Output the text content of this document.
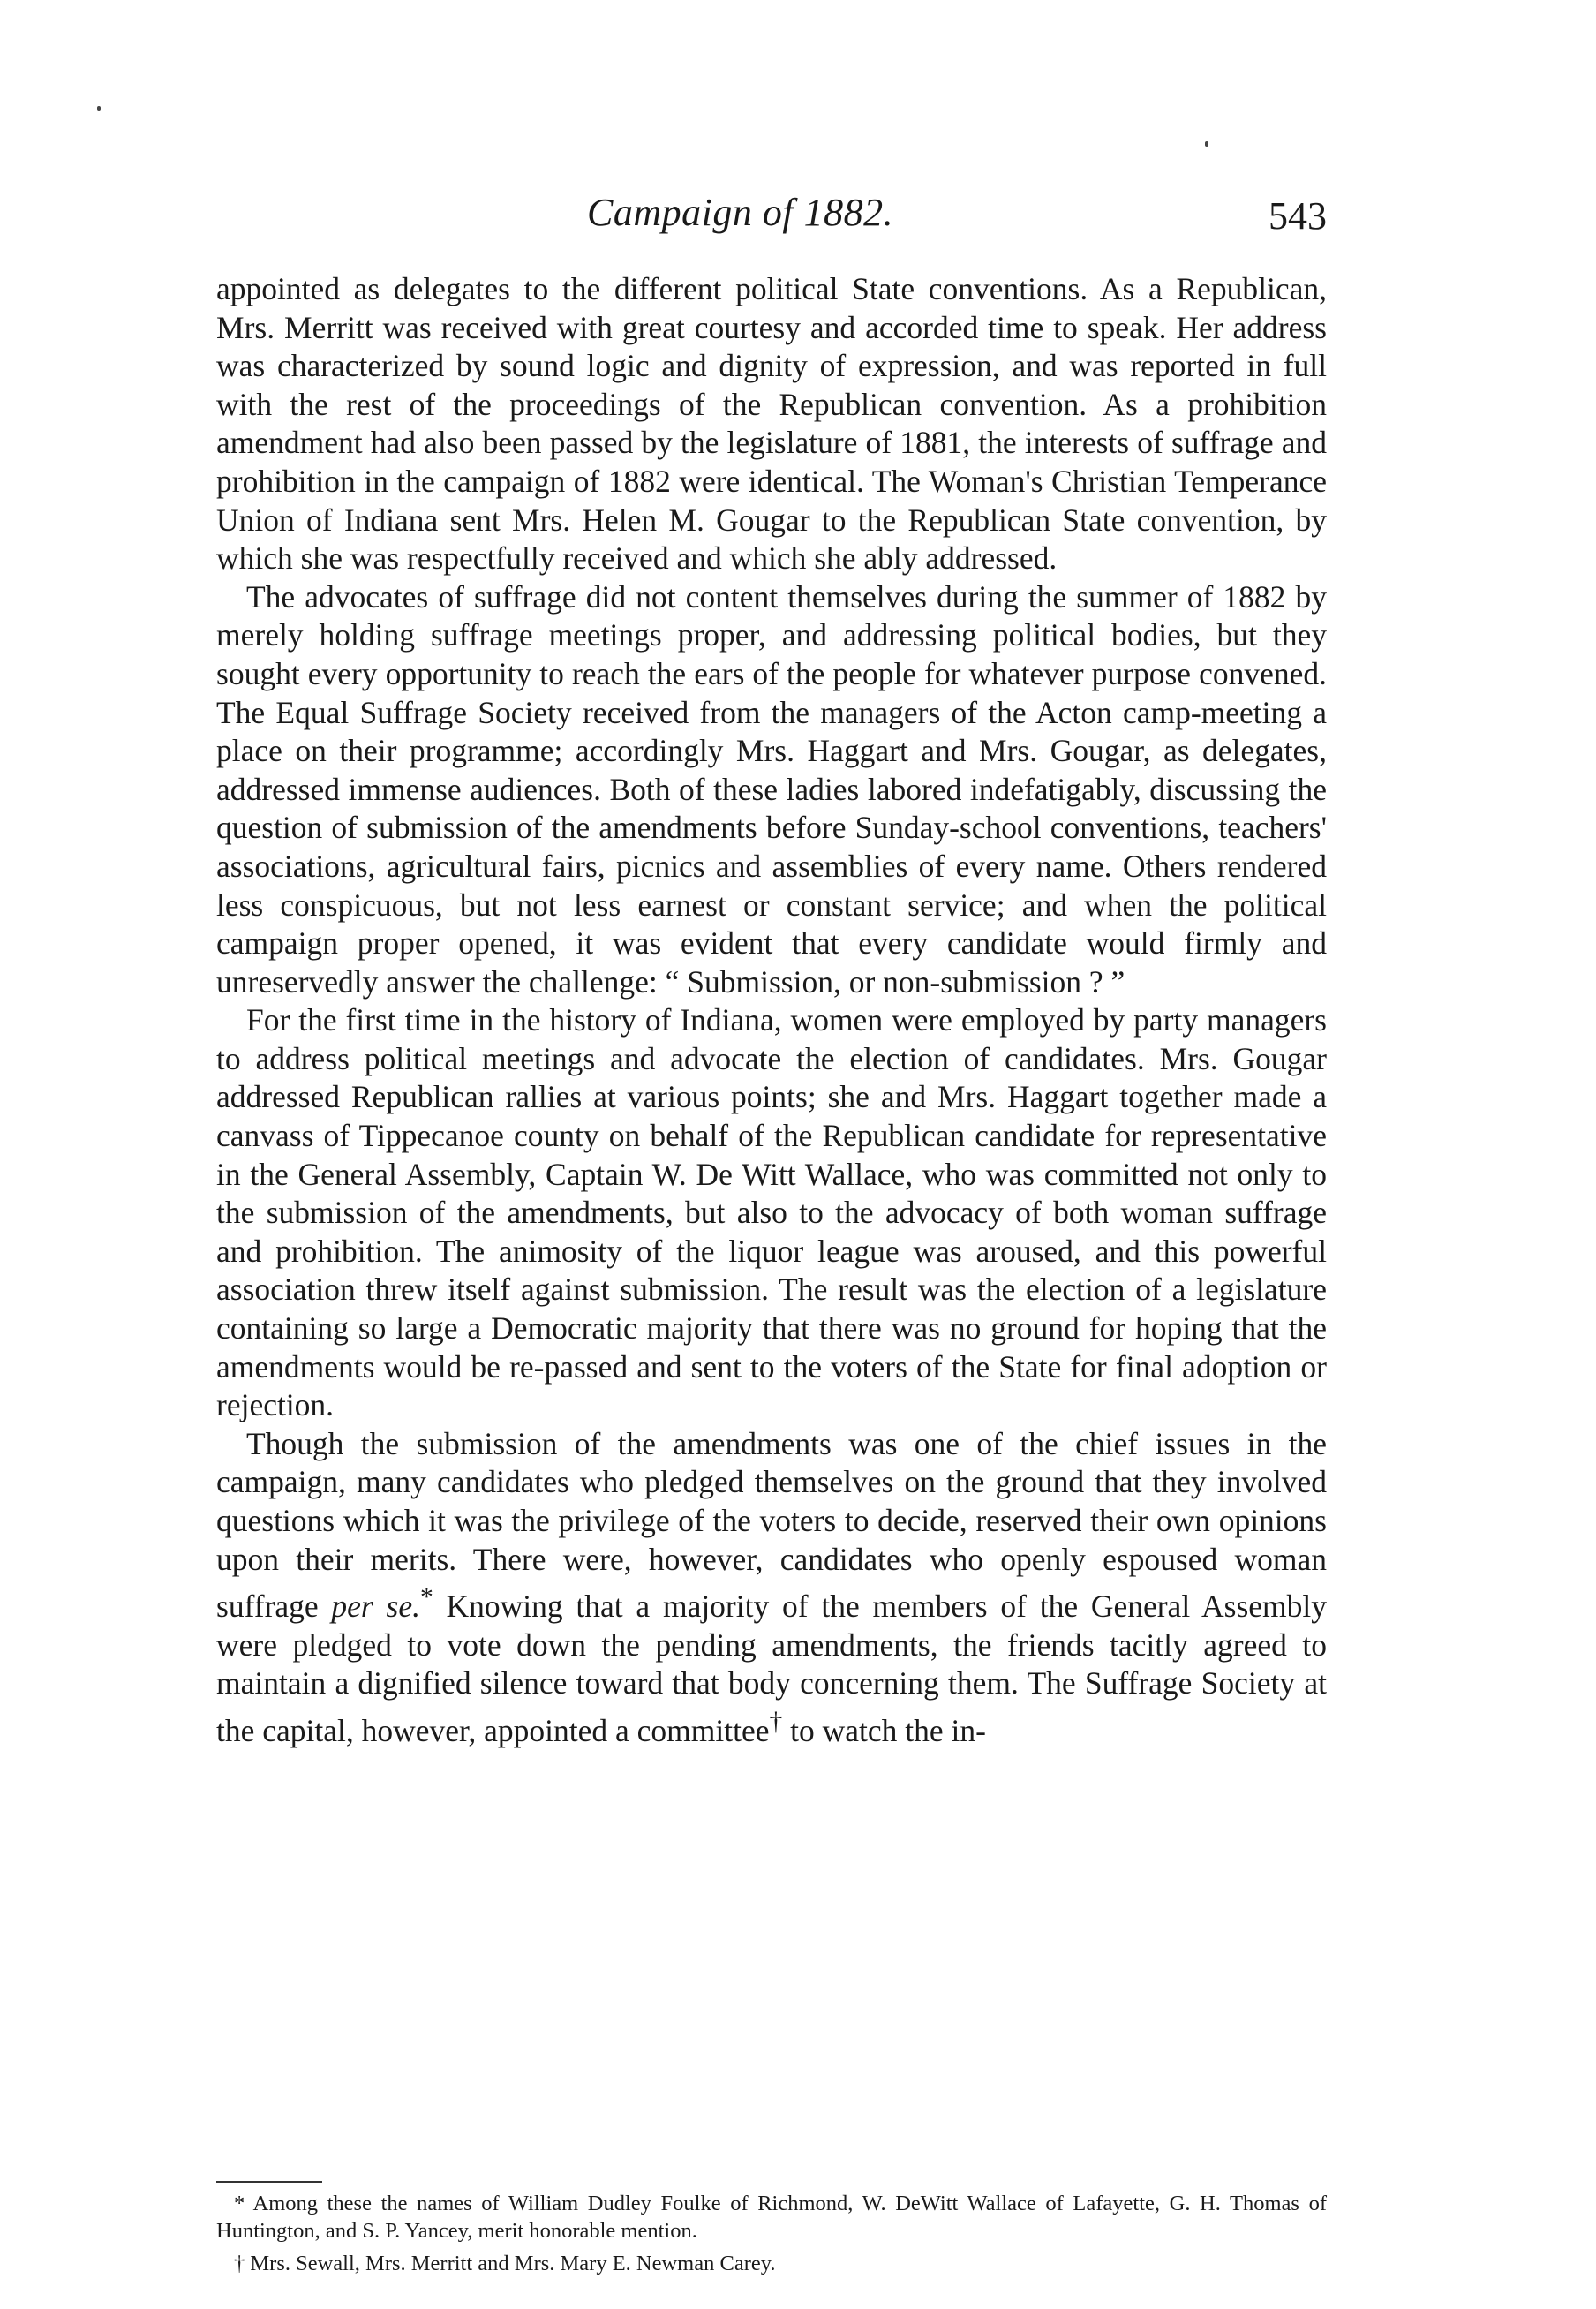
Campaign of 1882.	543

appointed as delegates to the different political State conventions. As a Republican, Mrs. Merritt was received with great courtesy and accorded time to speak. Her address was characterized by sound logic and dignity of expression, and was reported in full with the rest of the proceedings of the Republican convention. As a prohibition amendment had also been passed by the legislature of 1881, the interests of suffrage and prohibition in the campaign of 1882 were identical. The Woman's Christian Temperance Union of Indiana sent Mrs. Helen M. Gougar to the Republican State convention, by which she was respectfully received and which she ably addressed.

The advocates of suffrage did not content themselves during the summer of 1882 by merely holding suffrage meetings proper, and addressing political bodies, but they sought every opportunity to reach the ears of the people for whatever purpose convened. The Equal Suffrage Society received from the managers of the Acton camp-meeting a place on their programme; accordingly Mrs. Haggart and Mrs. Gougar, as delegates, addressed immense audiences. Both of these ladies labored indefatigably, discussing the question of submission of the amendments before Sunday-school conventions, teachers' associations, agricultural fairs, picnics and assemblies of every name. Others rendered less conspicuous, but not less earnest or constant service; and when the political campaign proper opened, it was evident that every candidate would firmly and unreservedly answer the challenge: “ Submission, or non-submission ? ”

For the first time in the history of Indiana, women were employed by party managers to address political meetings and advocate the election of candidates. Mrs. Gougar addressed Republican rallies at various points; she and Mrs. Haggart together made a canvass of Tippecanoe county on behalf of the Republican candidate for representative in the General Assembly, Captain W. De Witt Wallace, who was committed not only to the submission of the amendments, but also to the advocacy of both woman suffrage and prohibition. The animosity of the liquor league was aroused, and this powerful association threw itself against submission. The result was the election of a legislature containing so large a Democratic majority that there was no ground for hoping that the amendments would be re-passed and sent to the voters of the State for final adoption or rejection.

Though the submission of the amendments was one of the chief issues in the campaign, many candidates who pledged themselves on the ground that they involved questions which it was the privilege of the voters to decide, reserved their own opinions upon their merits. There were, however, candidates who openly espoused woman suffrage per se.* Knowing that a majority of the members of the General Assembly were pledged to vote down the pending amendments, the friends tacitly agreed to maintain a dignified silence toward that body concerning them. The Suffrage Society at the capital, however, appointed a committee† to watch the in-

* Among these the names of William Dudley Foulke of Richmond, W. DeWitt Wallace of Lafayette, G. H. Thomas of Huntington, and S. P. Yancey, merit honorable mention.

† Mrs. Sewall, Mrs. Merritt and Mrs. Mary E. Newman Carey.
